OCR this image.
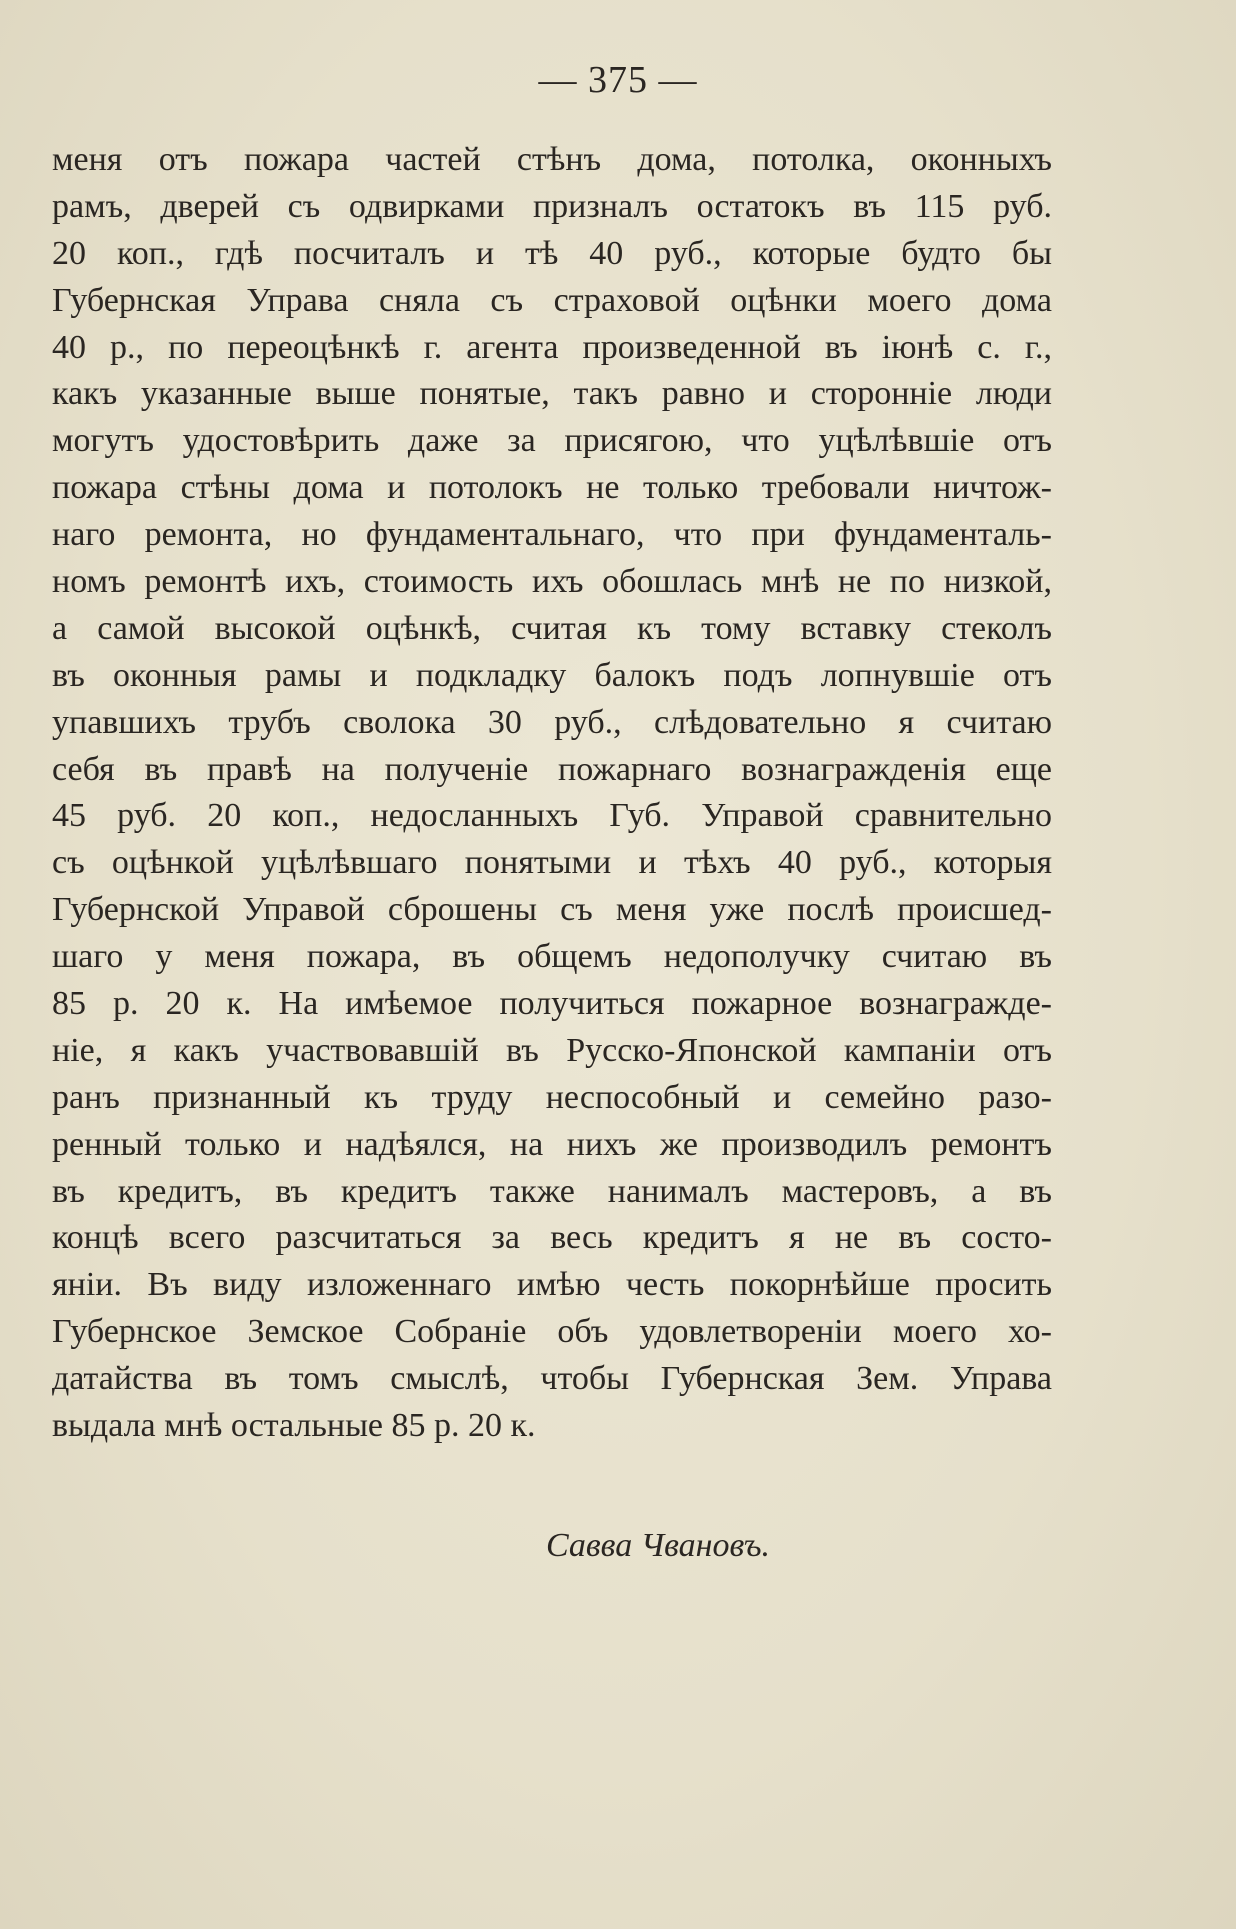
— 375 —
меня отъ пожара частей стѣнъ дома, потолка, оконныхъ
рамъ, дверей съ одвирками призналъ остатокъ въ 115 руб.
20 коп., гдѣ посчиталъ и тѣ 40 руб., которые будто бы
Губернская Управа сняла съ страховой оцѣнки моего дома
40 р., по переоцѣнкѣ г. агента произведенной въ iюнѣ с. г.,
какъ указанные выше понятые, такъ равно и сторонніе люди
могутъ удостовѣрить даже за присягою, что уцѣлѣвшіе отъ
пожара стѣны дома и потолокъ не только требовали ничтож-
наго ремонта, но фундаментальнаго, что при фундаменталь-
номъ ремонтѣ ихъ, стоимость ихъ обошлась мнѣ не по низкой,
а самой высокой оцѣнкѣ, считая къ тому вставку стеколъ
въ оконныя рамы и подкладку балокъ подъ лопнувшіе отъ
упавшихъ трубъ сволока 30 руб., слѣдовательно я считаю
себя въ правѣ на полученіе пожарнаго вознагражденія еще
45 руб. 20 коп., недосланныхъ Губ. Управой сравнительно
съ оцѣнкой уцѣлѣвшаго понятыми и тѣхъ 40 руб., которыя
Губернской Управой сброшены съ меня уже послѣ происшед-
шаго у меня пожара, въ общемъ недополучку считаю въ
85 р. 20 к. На имѣемое получиться пожарное вознагражде-
ніе, я какъ участвовавшій въ Русско-Японской кампаніи отъ
ранъ признанный къ труду неспособный и семейно разо-
ренный только и надѣялся, на нихъ же производилъ ремонтъ
въ кредитъ, въ кредитъ также нанималъ мастеровъ, а въ
концѣ всего разсчитаться за весь кредитъ я не въ состо-
яніи. Въ виду изложеннаго имѣю честь покорнѣйше просить
Губернское Земское Собраніе объ удовлетвореніи моего хо-
датайства въ томъ смыслѣ, чтобы Губернская Зем. Управа
выдала мнѣ остальные 85 р. 20 к.
Савва Чвановъ.
